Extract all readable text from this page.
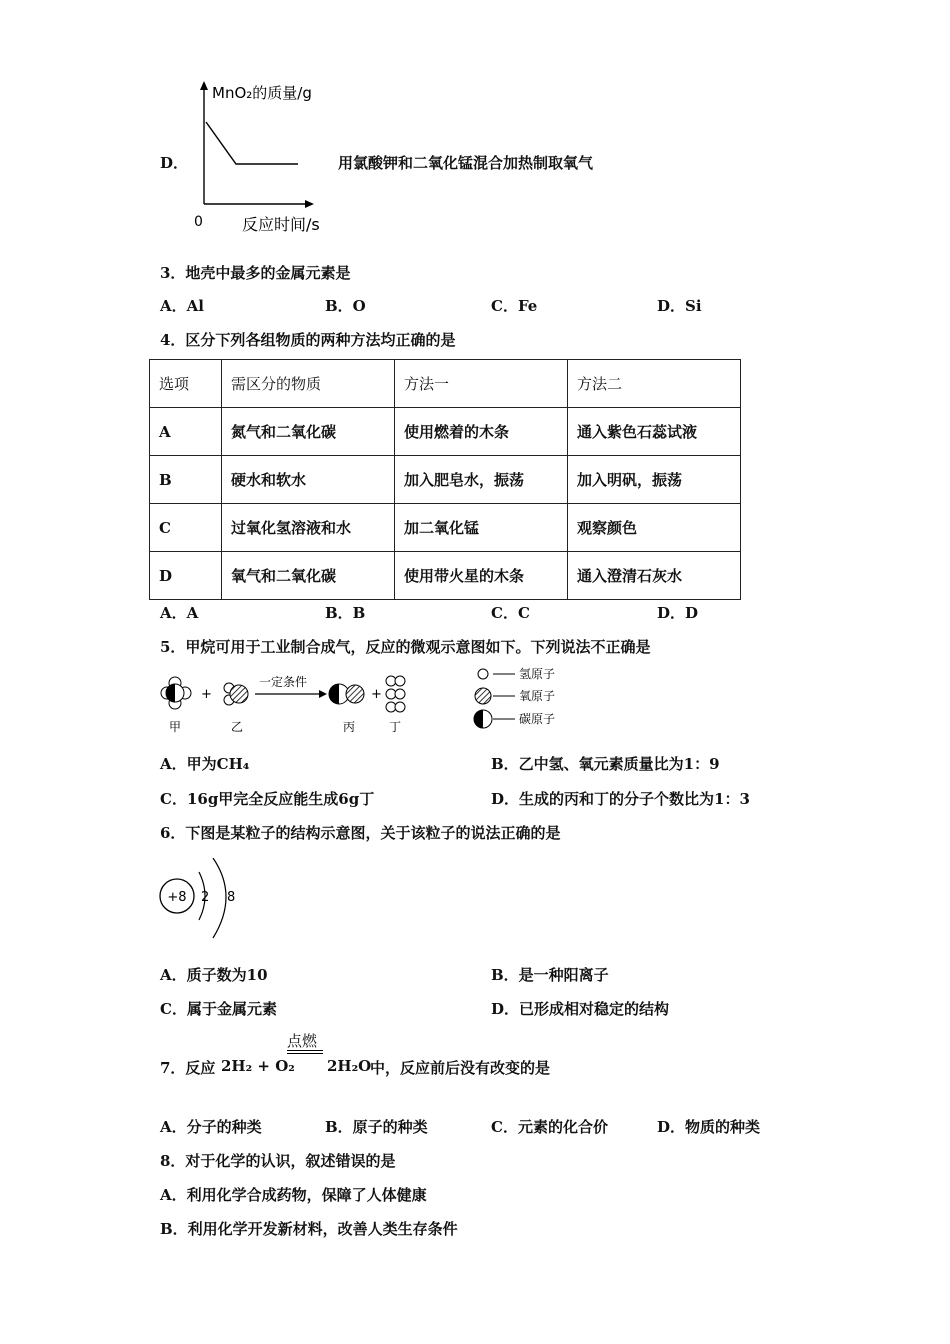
D．
MnO₂的质量/g
0 反应时间/s
用氯酸钾和二氧化锰混合加热制取氧气
3．地壳中最多的金属元素是
A．Al	B．O	C．Fe	D．Si
4．区分下列各组物质的两种方法均正确的是
选项	需区分的物质	方法一	方法二
A	氮气和二氧化碳	使用燃着的木条	通入紫色石蕊试液
B	硬水和软水	加入肥皂水，振荡	加入明矾，振荡
C	过氧化氢溶液和水	加二氧化锰	观察颜色
D	氧气和二氧化碳	使用带火星的木条	通入澄清石灰水
A．A	B．B	C．C	D．D
5．甲烷可用于工业制合成气，反应的微观示意图如下。下列说法不正确是
+
一定条件
+
甲	乙	丙	丁
氢原子
氧原子
碳原子
A．甲为CH₄	B．乙中氢、氧元素质量比为1：9
C．16g甲完全反应能生成6g丁	D．生成的丙和丁的分子个数比为1：3
6．下图是某粒子的结构示意图，关于该粒子的说法正确的是
+8 2 8
A．质子数为10	B．是一种阳离子
C．属于金属元素	D．已形成相对稳定的结构
7．反应 2H₂ + O₂
点燃
2H₂O
中，反应前后没有改变的是
A．分子的种类	B．原子的种类	C．元素的化合价	D．物质的种类
8．对于化学的认识，叙述错误的是
A．利用化学合成药物，保障了人体健康
B．利用化学开发新材料，改善人类生存条件
